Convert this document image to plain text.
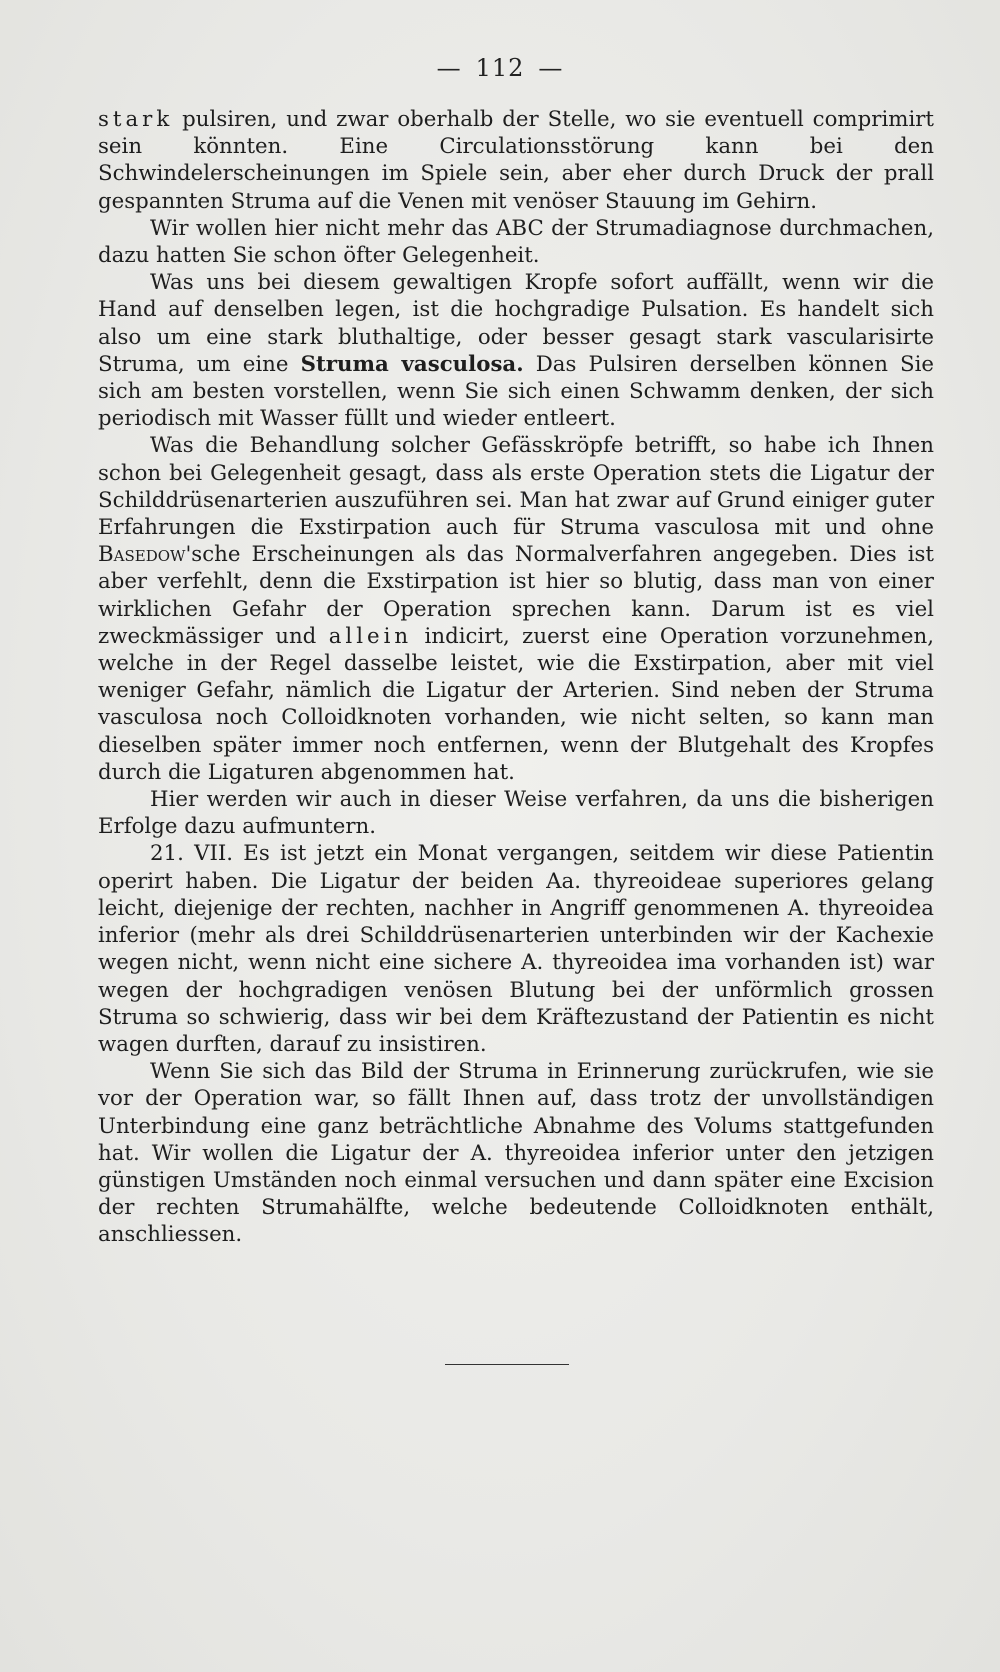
— 112 —

stark pulsiren, und zwar oberhalb der Stelle, wo sie eventuell comprimirt sein könnten. Eine Circulationsstörung kann bei den Schwindelerscheinungen im Spiele sein, aber eher durch Druck der prall gespannten Struma auf die Venen mit venöser Stauung im Gehirn.

Wir wollen hier nicht mehr das ABC der Strumadiagnose durchmachen, dazu hatten Sie schon öfter Gelegenheit.

Was uns bei diesem gewaltigen Kropfe sofort auffällt, wenn wir die Hand auf denselben legen, ist die hochgradige Pulsation. Es handelt sich also um eine stark bluthaltige, oder besser gesagt stark vascularisirte Struma, um eine Struma vasculosa. Das Pulsiren derselben können Sie sich am besten vorstellen, wenn Sie sich einen Schwamm denken, der sich periodisch mit Wasser füllt und wieder entleert.

Was die Behandlung solcher Gefässkröpfe betrifft, so habe ich Ihnen schon bei Gelegenheit gesagt, dass als erste Operation stets die Ligatur der Schilddrüsenarterien auszuführen sei. Man hat zwar auf Grund einiger guter Erfahrungen die Exstirpation auch für Struma vasculosa mit und ohne Basedow'sche Erscheinungen als das Normalverfahren angegeben. Dies ist aber verfehlt, denn die Exstirpation ist hier so blutig, dass man von einer wirklichen Gefahr der Operation sprechen kann. Darum ist es viel zweckmässiger und allein indicirt, zuerst eine Operation vorzunehmen, welche in der Regel dasselbe leistet, wie die Exstirpation, aber mit viel weniger Gefahr, nämlich die Ligatur der Arterien. Sind neben der Struma vasculosa noch Colloidknoten vorhanden, wie nicht selten, so kann man dieselben später immer noch entfernen, wenn der Blutgehalt des Kropfes durch die Ligaturen abgenommen hat.

Hier werden wir auch in dieser Weise verfahren, da uns die bisherigen Erfolge dazu aufmuntern.

21. VII. Es ist jetzt ein Monat vergangen, seitdem wir diese Patientin operirt haben. Die Ligatur der beiden Aa. thyreoideae superiores gelang leicht, diejenige der rechten, nachher in Angriff genommenen A. thyreoidea inferior (mehr als drei Schilddrüsenarterien unterbinden wir der Kachexie wegen nicht, wenn nicht eine sichere A. thyreoidea ima vorhanden ist) war wegen der hochgradigen venösen Blutung bei der unförmlich grossen Struma so schwierig, dass wir bei dem Kräftezustand der Patientin es nicht wagen durften, darauf zu insistiren.

Wenn Sie sich das Bild der Struma in Erinnerung zurückrufen, wie sie vor der Operation war, so fällt Ihnen auf, dass trotz der unvollständigen Unterbindung eine ganz beträchtliche Abnahme des Volums stattgefunden hat. Wir wollen die Ligatur der A. thyreoidea inferior unter den jetzigen günstigen Umständen noch einmal versuchen und dann später eine Excision der rechten Strumahälfte, welche bedeutende Colloidknoten enthält, anschliessen.
